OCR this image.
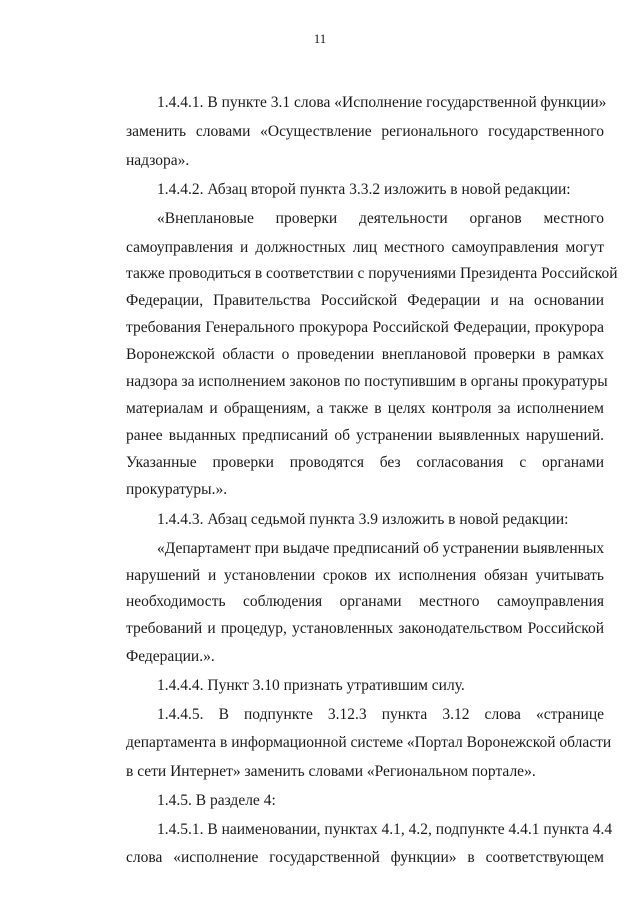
11
1.4.4.1. В пункте 3.1 слова «Исполнение государственной функции»
заменить словами «Осуществление регионального государственного
надзора».
1.4.4.2. Абзац второй пункта 3.3.2 изложить в новой редакции:
«Внеплановые проверки деятельности органов местного
самоуправления и должностных лиц местного самоуправления могут
также проводиться в соответствии с поручениями Президента Российской
Федерации, Правительства Российской Федерации и на основании
требования Генерального прокурора Российской Федерации, прокурора
Воронежской области о проведении внеплановой проверки в рамках
надзора за исполнением законов по поступившим в органы прокуратуры
материалам и обращениям, а также в целях контроля за исполнением
ранее выданных предписаний об устранении выявленных нарушений.
Указанные проверки проводятся без согласования с органами
прокуратуры.».
1.4.4.3. Абзац седьмой пункта 3.9 изложить в новой редакции:
«Департамент при выдаче предписаний об устранении выявленных
нарушений и установлении сроков их исполнения обязан учитывать
необходимость соблюдения органами местного самоуправления
требований и процедур, установленных законодательством Российской
Федерации.».
1.4.4.4. Пункт 3.10 признать утратившим силу.
1.4.4.5. В подпункте 3.12.3 пункта 3.12 слова «странице
департамента в информационной системе «Портал Воронежской области
в сети Интернет» заменить словами «Региональном портале».
1.4.5. В разделе 4:
1.4.5.1. В наименовании, пунктах 4.1, 4.2, подпункте 4.4.1 пункта 4.4
слова «исполнение государственной функции» в соответствующем
